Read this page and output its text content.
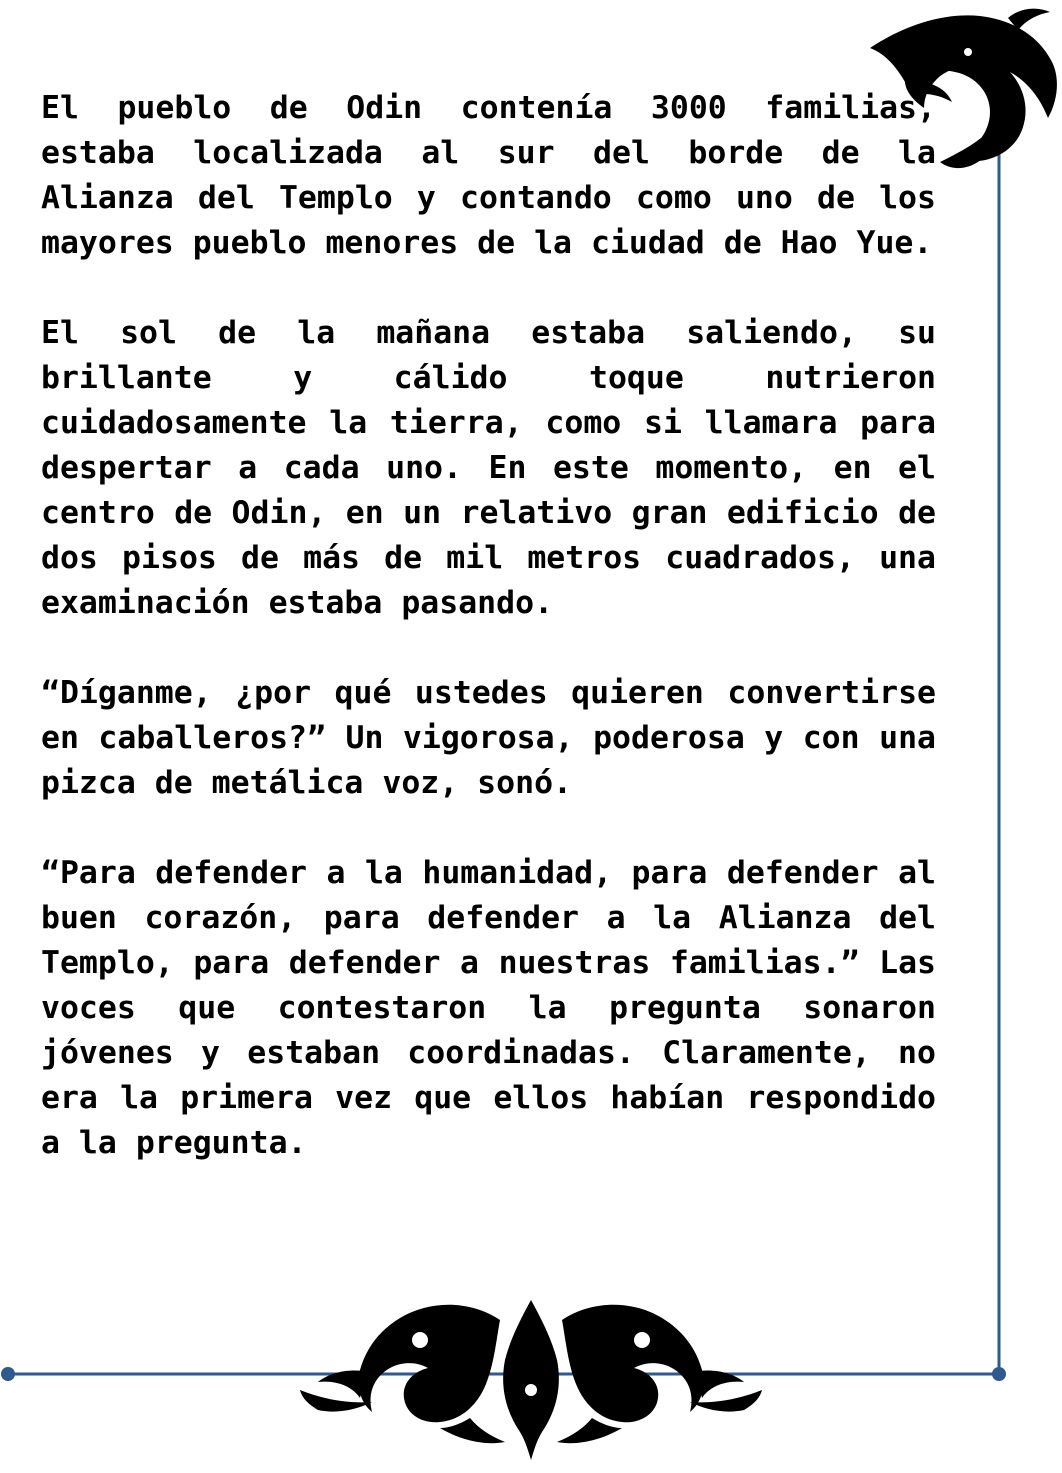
El pueblo de Odin contenía 3000 familias, estaba localizada al sur del borde de la Alianza del Templo y contando como uno de los mayores pueblo menores de la ciudad de Hao Yue.

El sol de la mañana estaba saliendo, su brillante y cálido toque nutrieron cuidadosamente la tierra, como si llamara para despertar a cada uno. En este momento, en el centro de Odin, en un relativo gran edificio de dos pisos de más de mil metros cuadrados, una examinación estaba pasando.

“Díganme, ¿por qué ustedes quieren convertirse en caballeros?” Un vigorosa, poderosa y con una pizca de metálica voz, sonó.

“Para defender a la humanidad, para defender al buen corazón, para defender a la Alianza del Templo, para defender a nuestras familias.” Las voces que contestaron la pregunta sonaron jóvenes y estaban coordinadas. Claramente, no era la primera vez que ellos habían respondido a la pregunta.
